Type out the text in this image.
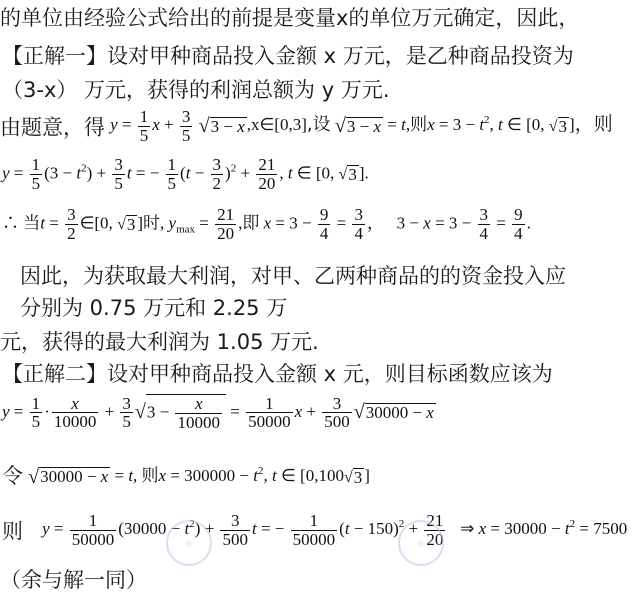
的单位由经验公式给出的前提是变量x的单位万元确定，因此，
【正解一】设对甲种商品投入金额 x 万元，是乙种商品投资为
（3-x） 万元，获得的利润总额为 y 万元.
由题意，得 $y = \frac{1}{5}$ $x + \frac{3}{5} √3 - x$ ,x∈[0,3],设 √3 − x = t,则$x = 3 - t^2$, t ∈ [0, √3 ]，则
$y = \frac{1}{5} (3 - t^2) + \frac{3}{5}$ t = − $\frac{1}{5} (t - \frac{3}{2} )^2 + \frac{21}{20}$ , t ∈ [0, √3 ].
∴ 当$t = \frac{3}{2}$ ∈[0, √3 ]时, $y_{max} = \frac{21}{20}$ ,即 $x = 3 - \frac{9}{4} = \frac{3}{4}$ ，   $3 - x = 3 - \frac{3}{4} = \frac{9}{4}$ .
因此，为获取最大利润，对甲、乙两种商品的的资金投入应
分别为 0.75 万元和 2.25 万
元，获得的最大利润为 1.05 万元.
【正解二】设对甲种商品投入金额 x 元，则目标函数应该为
$y = \frac{1}{5} \cdot \frac{x}{10000} + \frac{3}{5} √3 - \frac{x}{10000} = \frac{1}{50000}$ $x + \frac{3}{500} √30000 - x$
令 √30000 − x = t, 则$x = 300000 - t^2$, t ∈ [0,100√3 ]
则 $y = \frac{1}{50000} (30000 - t^2) + \frac{3}{500}$ t = − $\frac{1}{50000} (t - 150)^2 + \frac{21}{20}$ ⇒ $x = 30000 - t^2 = 7500$
（余与解一同）
◎	◎
